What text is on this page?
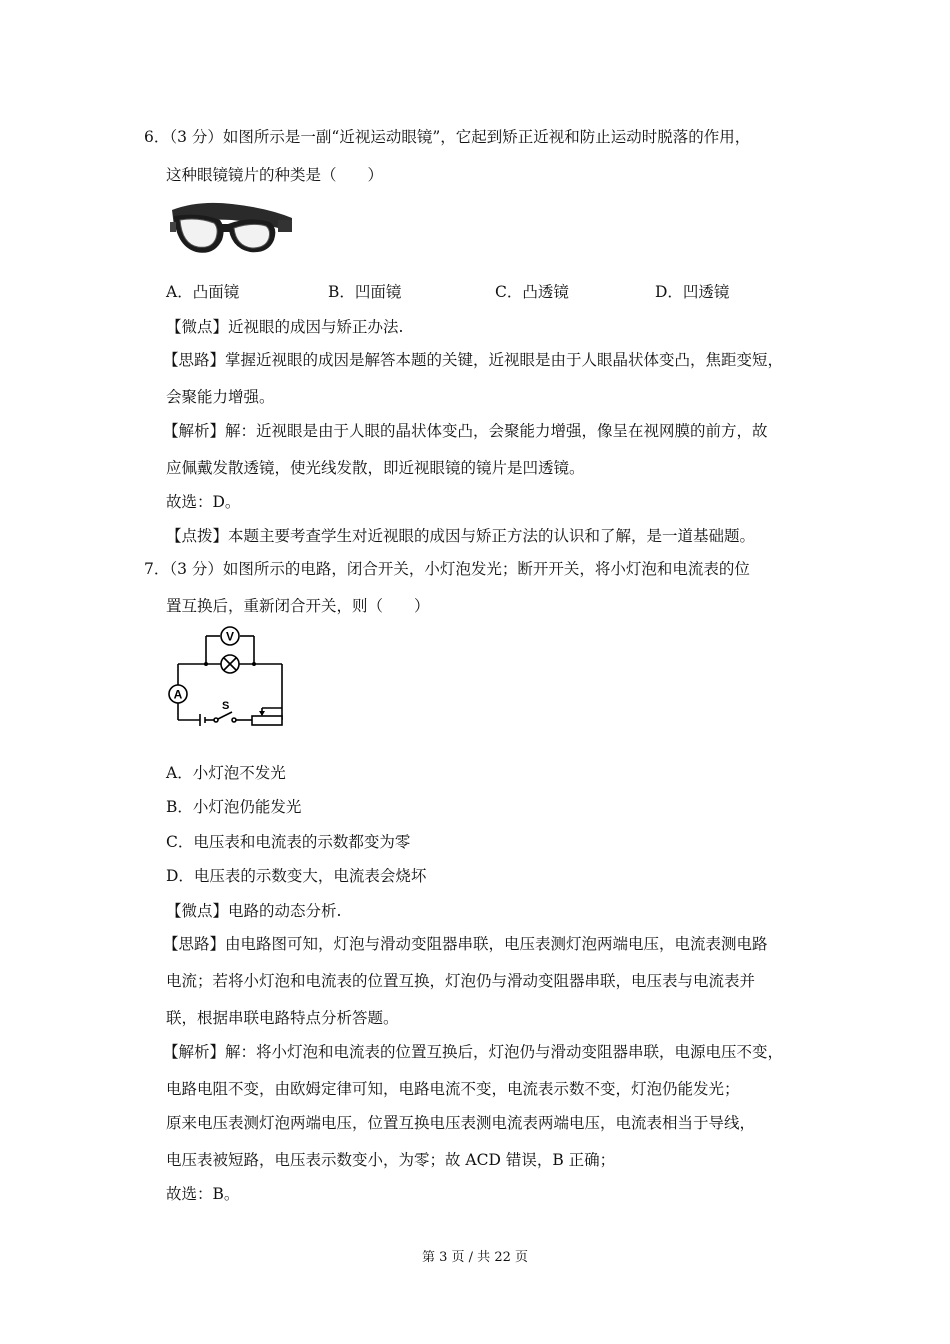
6．（3 分）如图所示是一副“近视运动眼镜”，它起到矫正近视和防止运动时脱落的作用，
这种眼镜镜片的种类是（　　）
A．凸面镜	B．凹面镜	C．凸透镜	D．凹透镜
【微点】近视眼的成因与矫正办法.
【思路】掌握近视眼的成因是解答本题的关键，近视眼是由于人眼晶状体变凸，焦距变短，
会聚能力增强。
【解析】解：近视眼是由于人眼的晶状体变凸，会聚能力增强，像呈在视网膜的前方，故
应佩戴发散透镜，使光线发散，即近视眼镜的镜片是凹透镜。
故选：D。
【点拨】本题主要考查学生对近视眼的成因与矫正方法的认识和了解，是一道基础题。
7．（3 分）如图所示的电路，闭合开关，小灯泡发光；断开开关，将小灯泡和电流表的位
置互换后，重新闭合开关，则（　　）
V
A
S
A．小灯泡不发光
B．小灯泡仍能发光
C．电压表和电流表的示数都变为零
D．电压表的示数变大，电流表会烧坏
【微点】电路的动态分析.
【思路】由电路图可知，灯泡与滑动变阻器串联，电压表测灯泡两端电压，电流表测电路
电流；若将小灯泡和电流表的位置互换，灯泡仍与滑动变阻器串联，电压表与电流表并
联，根据串联电路特点分析答题。
【解析】解：将小灯泡和电流表的位置互换后，灯泡仍与滑动变阻器串联，电源电压不变，
电路电阻不变，由欧姆定律可知，电路电流不变，电流表示数不变，灯泡仍能发光；
原来电压表测灯泡两端电压，位置互换电压表测电流表两端电压，电流表相当于导线，
电压表被短路，电压表示数变小，为零；故 ACD 错误，B 正确；
故选：B。
第 3 页 / 共 22 页
